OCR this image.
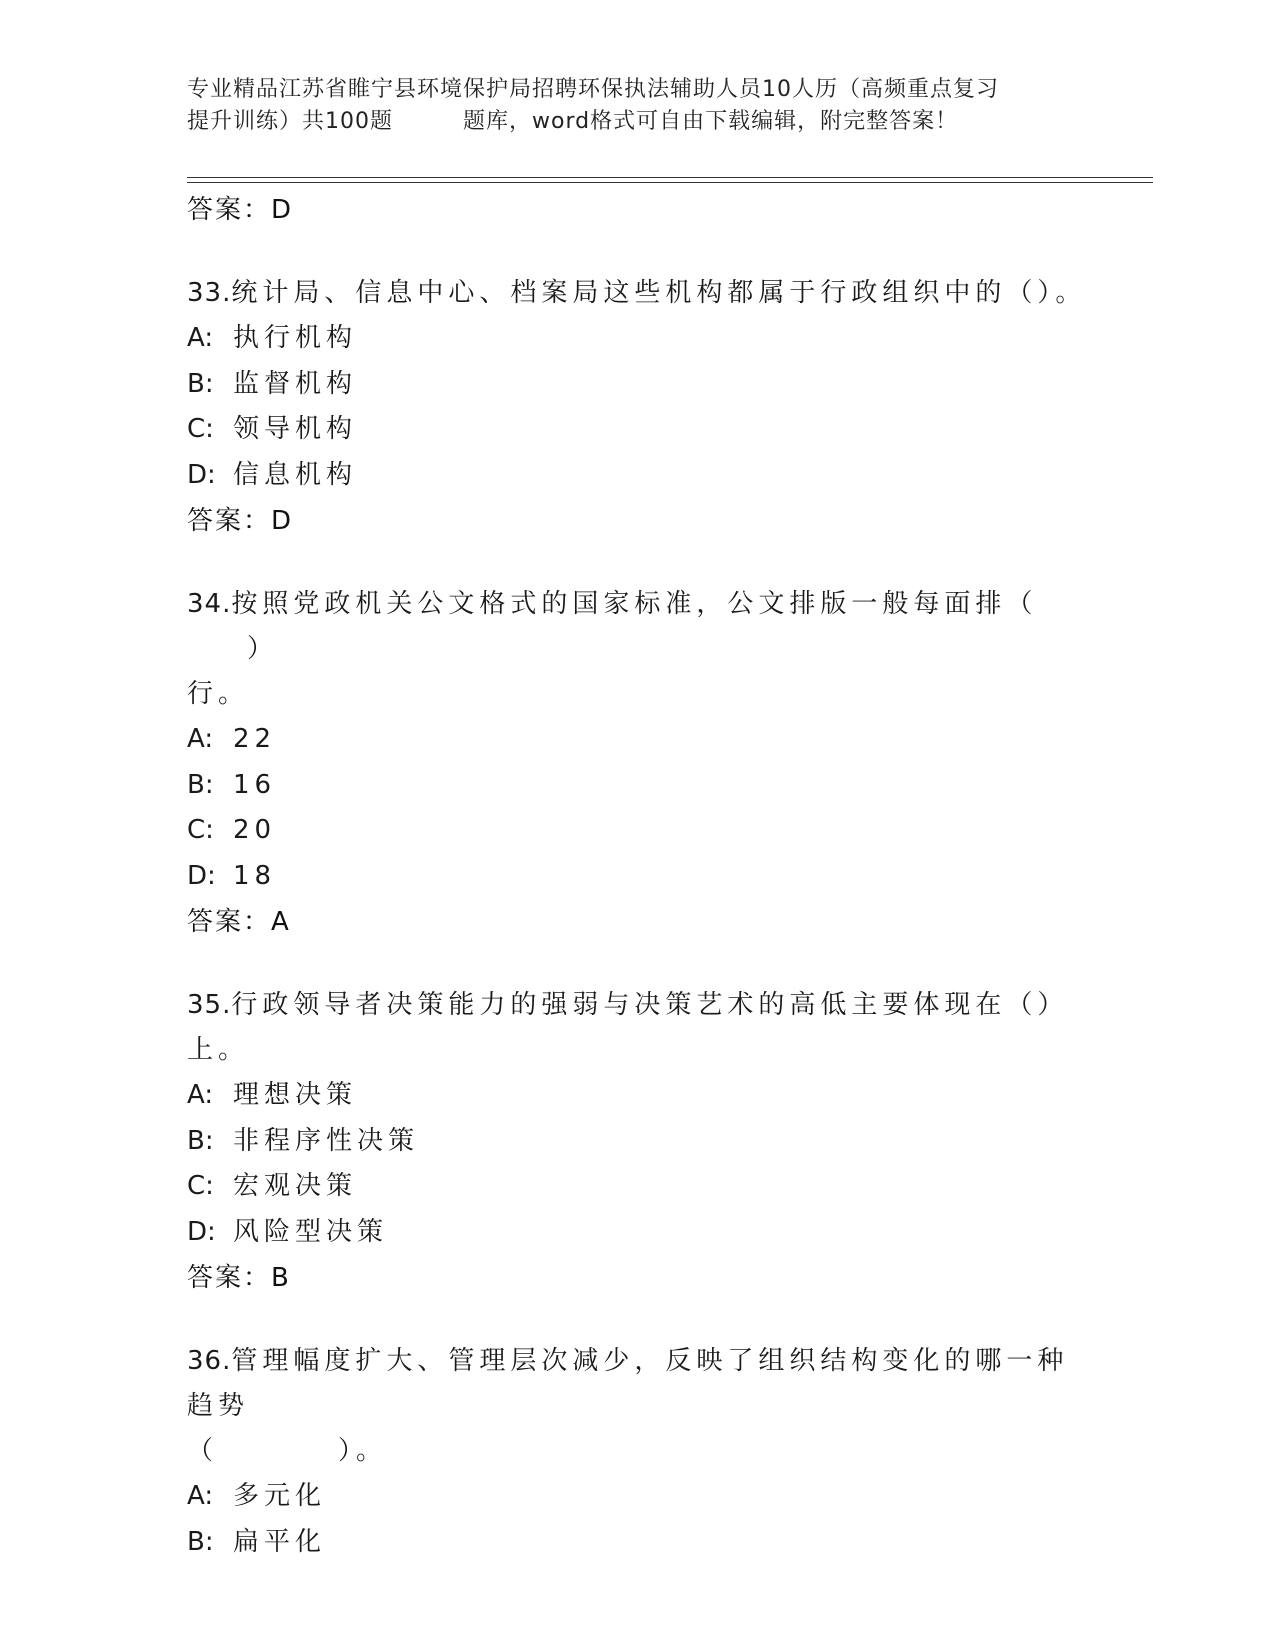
专业精品江苏省睢宁县环境保护局招聘环保执法辅助人员10人历（高频重点复习
提升训练）共100题	题库，word格式可自由下载编辑，附完整答案！
答案：D
33.统计局、信息中心、档案局这些机构都属于行政组织中的（）。
A: 执行机构
B: 监督机构
C: 领导机构
D: 信息机构
答案：D
34.按照党政机关公文格式的国家标准，公文排版一般每面排（）
行。
A: 22
B: 16
C: 20
D: 18
答案：A
35.行政领导者决策能力的强弱与决策艺术的高低主要体现在（）上。
A: 理想决策
B: 非程序性决策
C: 宏观决策
D: 风险型决策
答案：B
36.管理幅度扩大、管理层次减少，反映了组织结构变化的哪一种趋势
（	）。
A: 多元化
B: 扁平化
